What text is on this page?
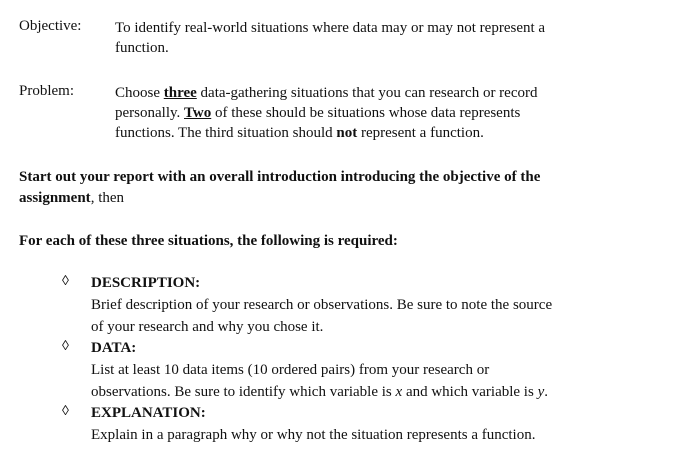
Objective: To identify real-world situations where data may or may not represent a
function.
Problem:	Choose three data-gathering situations that you can research or record
personally. Two of these should be situations whose data represents
functions. The third situation should not represent a function.
Start out your report with an overall introduction introducing the objective of the
assignment, then
For each of these three situations, the following is required:
◊ DESCRIPTION:
Brief description of your research or observations. Be sure to note the source
of your research and why you chose it.
◊ DATA:
List at least 10 data items (10 ordered pairs) from your research or
observations. Be sure to identify which variable is x and which variable is y.
◊ EXPLANATION:
Explain in a paragraph why or why not the situation represents a function.
